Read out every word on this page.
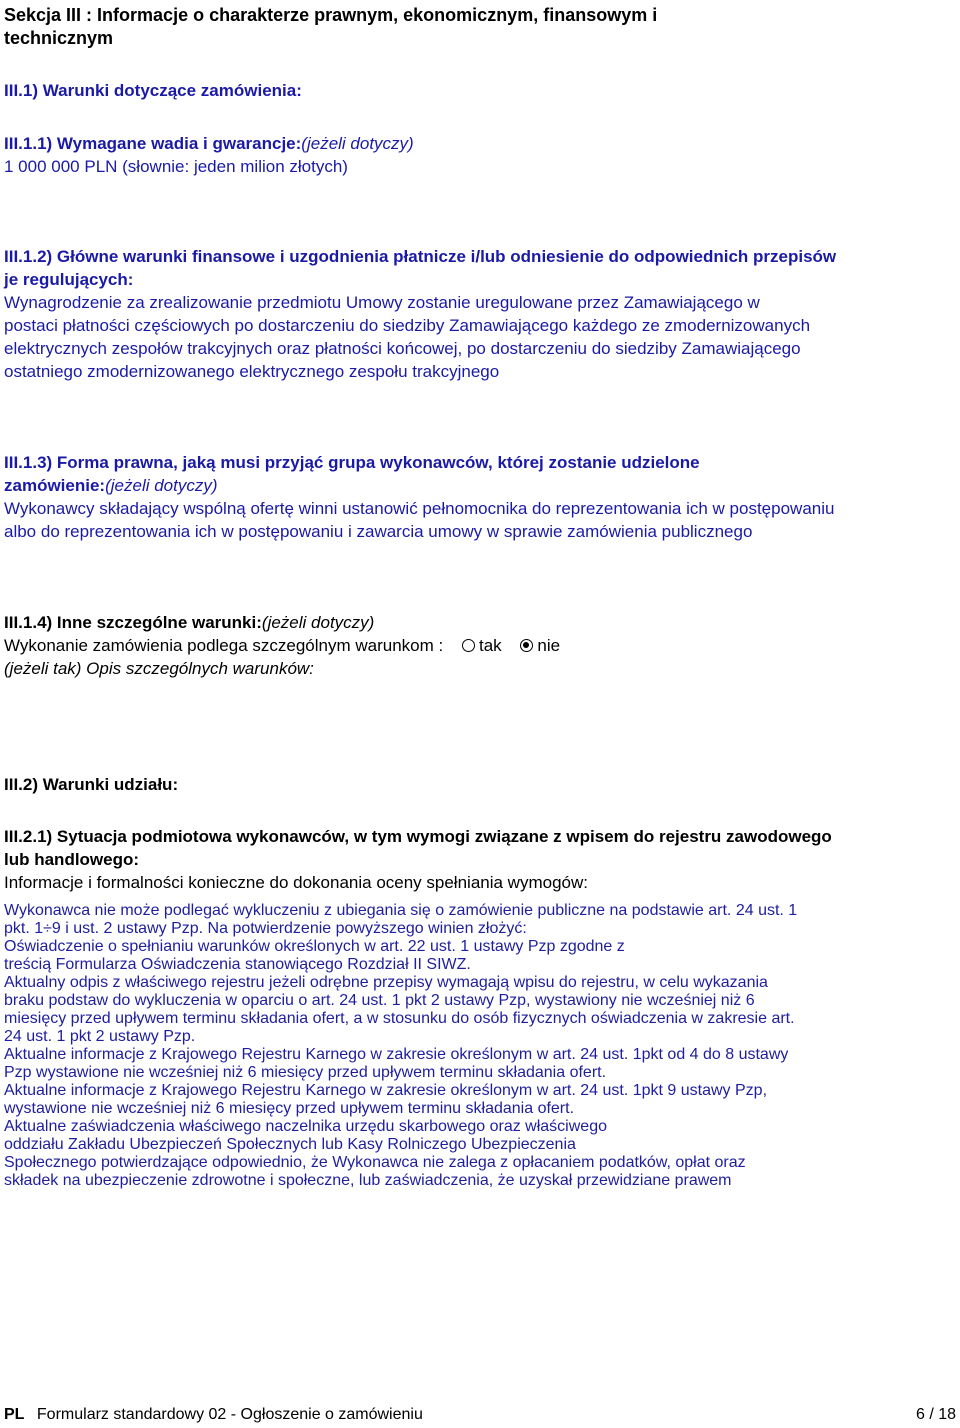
Sekcja III : Informacje o charakterze prawnym, ekonomicznym, finansowym i
technicznym
III.1) Warunki dotyczące zamówienia:
III.1.1) Wymagane wadia i gwarancje:(jeżeli dotyczy)
1 000 000 PLN (słownie: jeden milion złotych)
III.1.2) Główne warunki finansowe i uzgodnienia płatnicze i/lub odniesienie do odpowiednich przepisów
je regulujących:
Wynagrodzenie za zrealizowanie przedmiotu Umowy zostanie uregulowane przez Zamawiającego w
postaci płatności częściowych po dostarczeniu do siedziby Zamawiającego każdego ze zmodernizowanych
elektrycznych zespołów trakcyjnych oraz płatności końcowej, po dostarczeniu do siedziby Zamawiającego
ostatniego zmodernizowanego elektrycznego zespołu trakcyjnego
III.1.3) Forma prawna, jaką musi przyjąć grupa wykonawców, której zostanie udzielone
zamówienie:(jeżeli dotyczy)
Wykonawcy składający wspólną ofertę winni ustanowić pełnomocnika do reprezentowania ich w postępowaniu
albo do reprezentowania ich w postępowaniu i zawarcia umowy w sprawie zamówienia publicznego
III.1.4) Inne szczególne warunki:(jeżeli dotyczy)
Wykonanie zamówienia podlega szczególnym warunkom : tak nie
(jeżeli tak) Opis szczególnych warunków:
III.2) Warunki udziału:
III.2.1) Sytuacja podmiotowa wykonawców, w tym wymogi związane z wpisem do rejestru zawodowego
lub handlowego:
Informacje i formalności konieczne do dokonania oceny spełniania wymogów:
Wykonawca nie może podlegać wykluczeniu z ubiegania się o zamówienie publiczne na podstawie art. 24 ust. 1
pkt. 1÷9 i ust. 2 ustawy Pzp. Na potwierdzenie powyższego winien złożyć:
Oświadczenie o spełnianiu warunków określonych w art. 22 ust. 1 ustawy Pzp zgodne z
treścią Formularza Oświadczenia stanowiącego Rozdział II SIWZ.
Aktualny odpis z właściwego rejestru jeżeli odrębne przepisy wymagają wpisu do rejestru, w celu wykazania
braku podstaw do wykluczenia w oparciu o art. 24 ust. 1 pkt 2 ustawy Pzp, wystawiony nie wcześniej niż 6
miesięcy przed upływem terminu składania ofert, a w stosunku do osób fizycznych oświadczenia w zakresie art.
24 ust. 1 pkt 2 ustawy Pzp.
Aktualne informacje z Krajowego Rejestru Karnego w zakresie określonym w art. 24 ust. 1pkt od 4 do 8 ustawy
Pzp wystawione nie wcześniej niż 6 miesięcy przed upływem terminu składania ofert.
Aktualne informacje z Krajowego Rejestru Karnego w zakresie określonym w art. 24 ust. 1pkt 9 ustawy Pzp,
wystawione nie wcześniej niż 6 miesięcy przed upływem terminu składania ofert.
Aktualne zaświadczenia właściwego naczelnika urzędu skarbowego oraz właściwego
oddziału Zakładu Ubezpieczeń Społecznych lub Kasy Rolniczego Ubezpieczenia
Społecznego potwierdzające odpowiednio, że Wykonawca nie zalega z opłacaniem podatków, opłat oraz
składek na ubezpieczenie zdrowotne i społeczne, lub zaświadczenia, że uzyskał przewidziane prawem
PL Formularz standardowy 02 - Ogłoszenie o zamówieniu	6 / 18
